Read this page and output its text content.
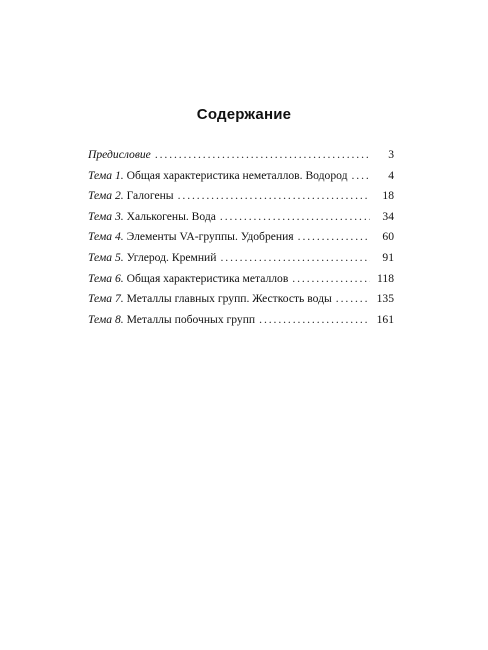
Содержание
Предисловие . . .	3
Тема 1. Общая характеристика неметаллов. Водород . . .	4
Тема 2. Галогены . . .	18
Тема 3. Халькогены. Вода . . .	34
Тема 4. Элементы VA-группы. Удобрения . . .	60
Тема 5. Углерод. Кремний . . .	91
Тема 6. Общая характеристика металлов . . .	118
Тема 7. Металлы главных групп. Жесткость воды . . .	135
Тема 8. Металлы побочных групп . . .	161
